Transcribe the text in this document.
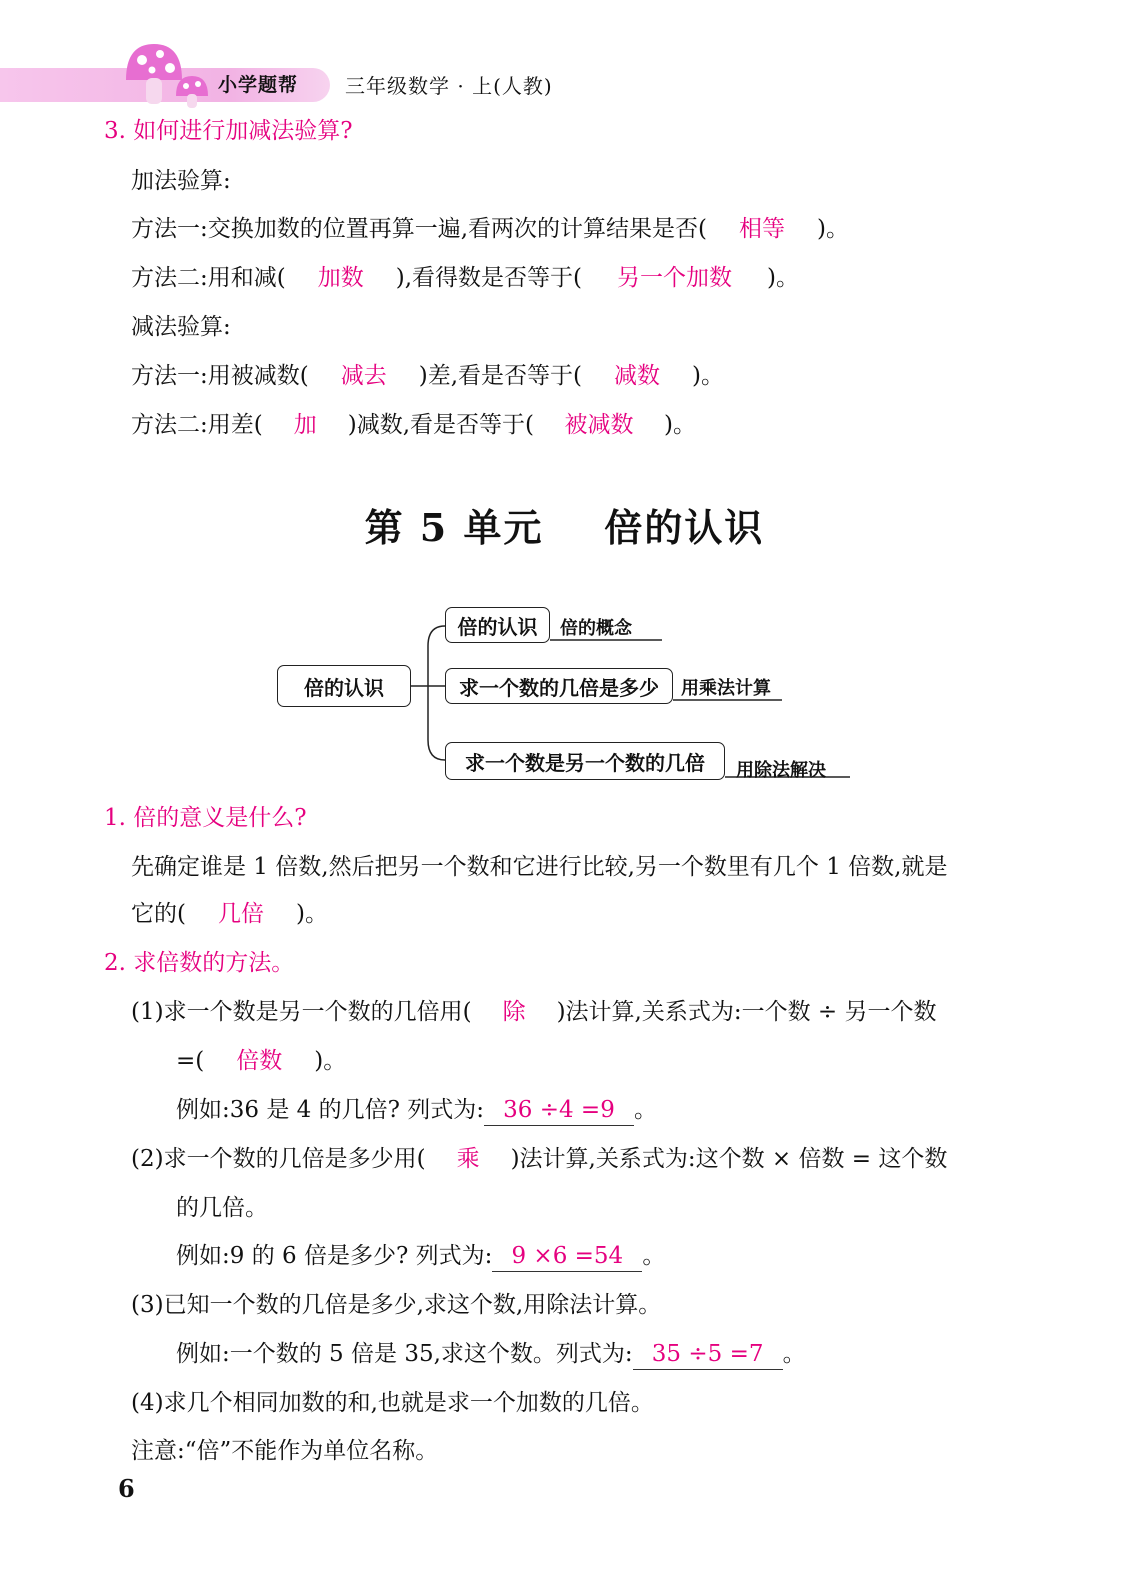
小学题帮 三年级数学 · 上(人教)
3. 如何进行加减法验算?
加法验算:
方法一:交换加数的位置再算一遍,看两次的计算结果是否( 相等 )。
方法二:用和减( 加数 ),看得数是否等于( 另一个加数 )。
减法验算:
方法一:用被减数( 减去 )差,看是否等于( 减数 )。
方法二:用差( 加 )减数,看是否等于( 被减数 )。
第 5 单元    倍的认识
倍的认识
倍的认识	倍的概念
求一个数的几倍是多少	用乘法计算
求一个数是另一个数的几倍	用除法解决
1. 倍的意义是什么?
先确定谁是 1 倍数,然后把另一个数和它进行比较,另一个数里有几个 1 倍数,就是
它的( 几倍 )。
2. 求倍数的方法。
(1)求一个数是另一个数的几倍用( 除 )法计算,关系式为:一个数 ÷ 另一个数
=( 倍数 )。
例如:36 是 4 的几倍? 列式为: 36 ÷4 =9 。
(2)求一个数的几倍是多少用( 乘 )法计算,关系式为:这个数 × 倍数 = 这个数
的几倍。
例如:9 的 6 倍是多少? 列式为: 9 ×6 =54 。
(3)已知一个数的几倍是多少,求这个数,用除法计算。
例如:一个数的 5 倍是 35,求这个数。列式为: 35 ÷5 =7 。
(4)求几个相同加数的和,也就是求一个加数的几倍。
注意:“倍”不能作为单位名称。
6
